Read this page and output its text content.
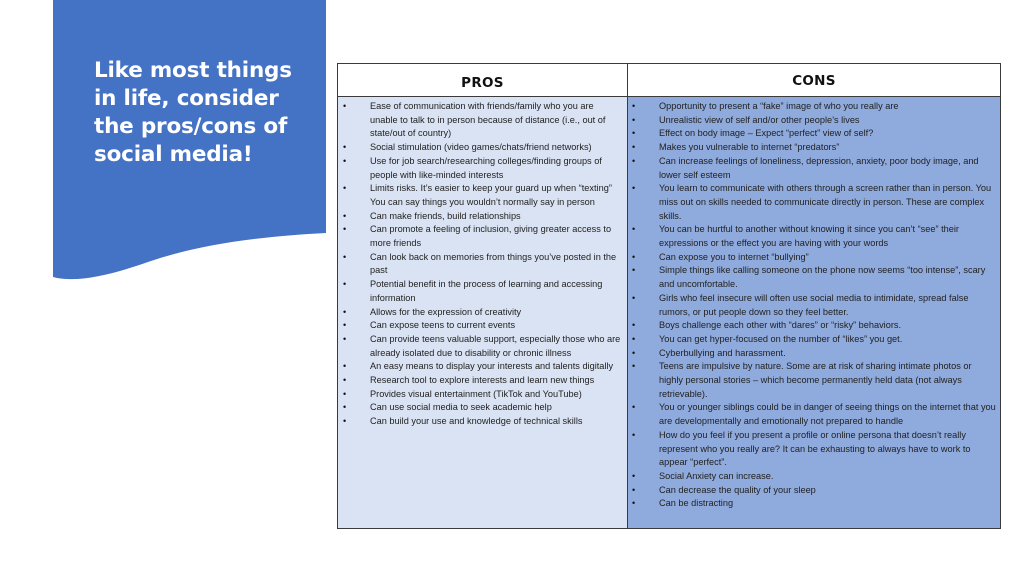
Like most things in life, consider the pros/cons of social media!
PROS
•	Ease of communication with friends/family who you are unable to talk to in person because of distance (i.e., out of state/out of country)
•	Social stimulation (video games/chats/friend networks)
•	Use for job search/researching colleges/finding groups of people with like-minded interests
•	Limits risks. It’s easier to keep your guard up when “texting” You can say things you wouldn’t normally say in person
•	Can make friends, build relationships
•	Can promote a feeling of inclusion, giving greater access to more friends
•	Can look back on memories from things you’ve posted in the past
•	Potential benefit in the process of learning and accessing information
•	Allows for the expression of creativity
•	Can expose teens to current events
•	Can provide teens valuable support, especially those who are already isolated due to disability or chronic illness
•	An easy means to display your interests and talents digitally
•	Research tool to explore interests and learn new things
•	Provides visual entertainment (TikTok and YouTube)
•	Can use social media to seek academic help
•	Can build your use and knowledge of technical skills
CONS
•	Opportunity to present a “fake” image of who you really are
•	Unrealistic view of self and/or other people’s lives
•	Effect on body image – Expect “perfect” view of self?
•	Makes you vulnerable to internet “predators”
•	Can increase feelings of loneliness, depression, anxiety, poor body image, and lower self esteem
•	You learn to communicate with others through a screen rather than in person. You miss out on skills needed to communicate directly in person. These are complex skills.
•	You can be hurtful to another without knowing it since you can’t “see” their expressions or the effect you are having with your words
•	Can expose you to internet “bullying”
•	Simple things like calling someone on the phone now seems “too intense”, scary and uncomfortable.
•	Girls who feel insecure will often use social media to intimidate, spread false rumors, or put people down so they feel better.
•	Boys challenge each other with “dares” or “risky” behaviors.
•	You can get hyper-focused on the number of “likes” you get.
•	Cyberbullying and harassment.
•	Teens are impulsive by nature. Some are at risk of sharing intimate photos or highly personal stories – which become permanently held data (not always retrievable).
•	You or younger siblings could be in danger of seeing things on the internet that you are developmentally and emotionally not prepared to handle
•	How do you feel if you present a profile or online persona that doesn’t really represent who you really are? It can be exhausting to always have to work to appear “perfect”.
•	Social Anxiety can increase.
•	Can decrease the quality of your sleep
•	Can be distracting
